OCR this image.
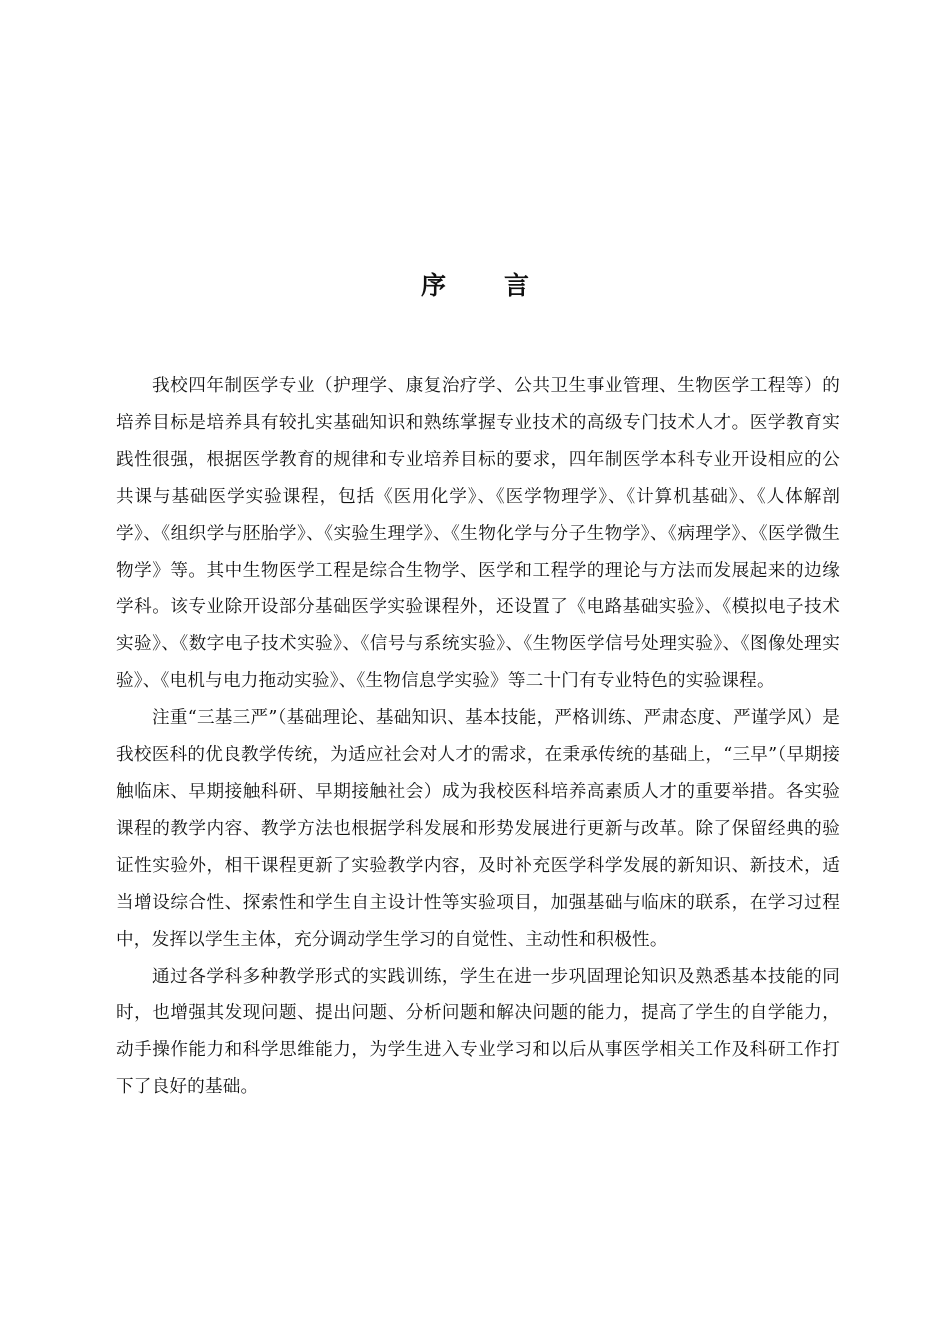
序 言

我校四年制医学专业（护理学、康复治疗学、公共卫生事业管理、生物医学工程等）的培养目标是培养具有较扎实基础知识和熟练掌握专业技术的高级专门技术人才。医学教育实践性很强，根据医学教育的规律和专业培养目标的要求，四年制医学本科专业开设相应的公共课与基础医学实验课程，包括《医用化学》、《医学物理学》、《计算机基础》、《人体解剖学》、《组织学与胚胎学》、《实验生理学》、《生物化学与分子生物学》、《病理学》、《医学微生物学》等。其中生物医学工程是综合生物学、医学和工程学的理论与方法而发展起来的边缘学科。该专业除开设部分基础医学实验课程外，还设置了《电路基础实验》、《模拟电子技术实验》、《数字电子技术实验》、《信号与系统实验》、《生物医学信号处理实验》、《图像处理实验》、《电机与电力拖动实验》、《生物信息学实验》等二十门有专业特色的实验课程。

注重“三基三严”（基础理论、基础知识、基本技能，严格训练、严肃态度、严谨学风）是我校医科的优良教学传统，为适应社会对人才的需求，在秉承传统的基础上，“三早”（早期接触临床、早期接触科研、早期接触社会）成为我校医科培养高素质人才的重要举措。各实验课程的教学内容、教学方法也根据学科发展和形势发展进行更新与改革。除了保留经典的验证性实验外，相干课程更新了实验教学内容，及时补充医学科学发展的新知识、新技术，适当增设综合性、探索性和学生自主设计性等实验项目，加强基础与临床的联系，在学习过程中，发挥以学生主体，充分调动学生学习的自觉性、主动性和积极性。

通过各学科多种教学形式的实践训练，学生在进一步巩固理论知识及熟悉基本技能的同时，也增强其发现问题、提出问题、分析问题和解决问题的能力，提高了学生的自学能力，动手操作能力和科学思维能力，为学生进入专业学习和以后从事医学相关工作及科研工作打下了良好的基础。
